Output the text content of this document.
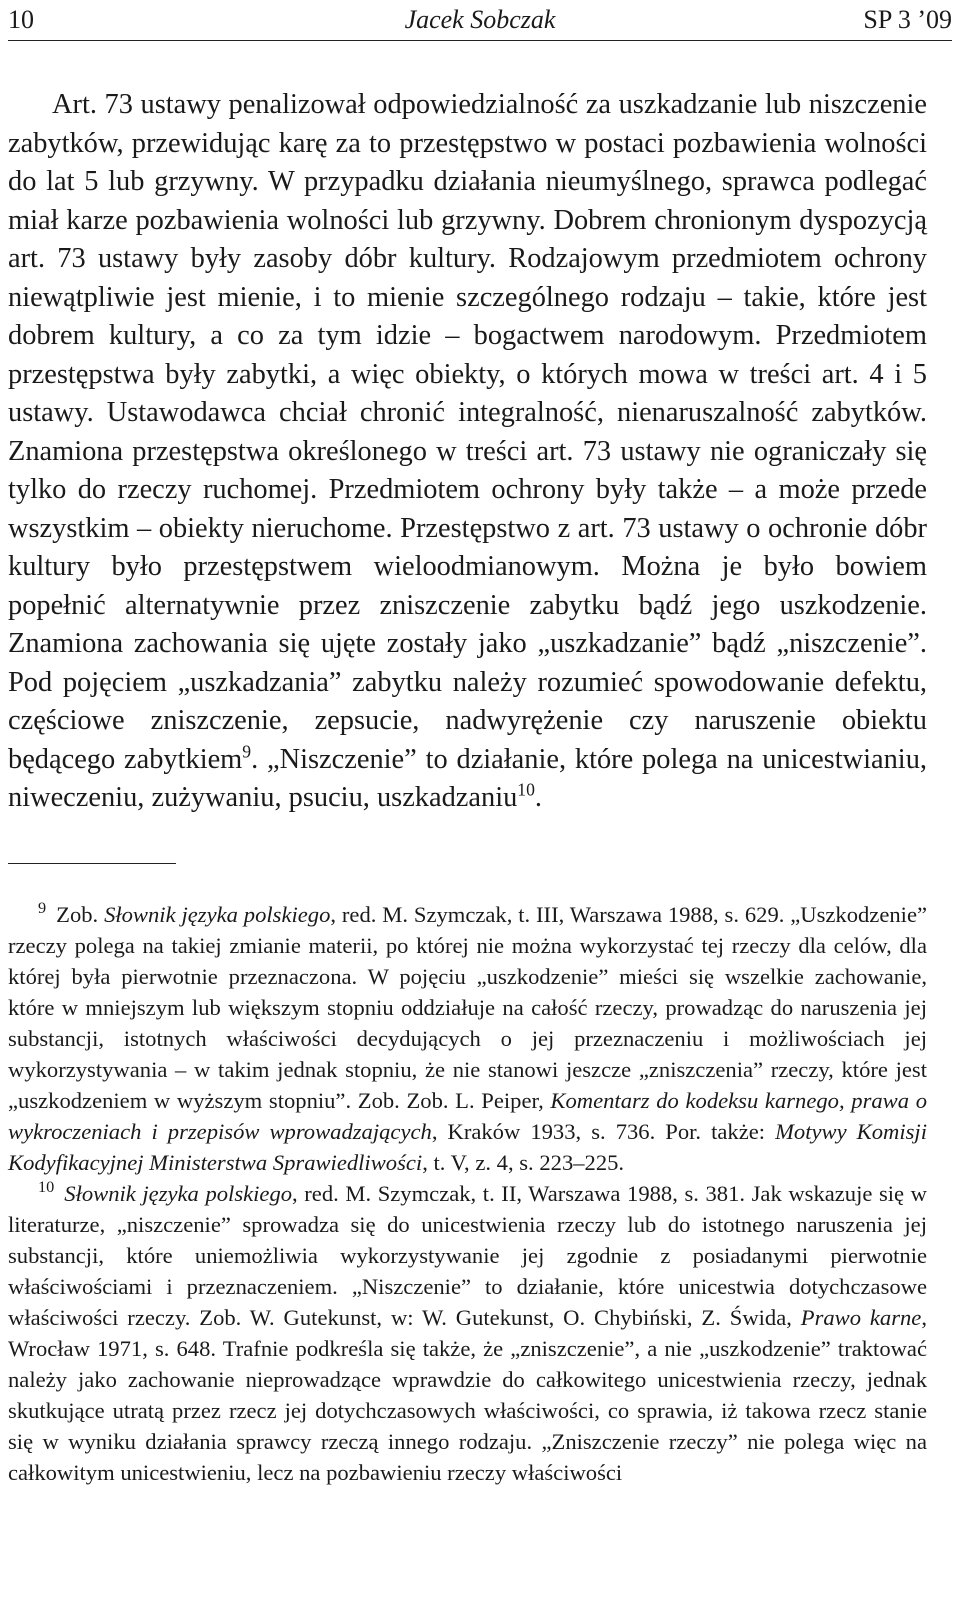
Jacek Sobczak
10	SP 3 ’09

Art. 73 ustawy penalizował odpowiedzialność za uszkadzanie lub niszczenie zabytków, przewidując karę za to przestępstwo w postaci pozbawienia wolności do lat 5 lub grzywny. W przypadku działania nieumyślnego, sprawca podlegać miał karze pozbawienia wolności lub grzywny. Dobrem chronionym dyspozycją art. 73 ustawy były zasoby dóbr kultury. Rodzajowym przedmiotem ochrony niewątpliwie jest mienie, i to mienie szczególnego rodzaju – takie, które jest dobrem kultury, a co za tym idzie – bogactwem narodowym. Przedmiotem przestępstwa były zabytki, a więc obiekty, o których mowa w treści art. 4 i 5 ustawy. Ustawodawca chciał chronić integralność, nienaruszalność zabytków. Znamiona przestępstwa określonego w treści art. 73 ustawy nie ograniczały się tylko do rzeczy ruchomej. Przedmiotem ochrony były także – a może przede wszystkim – obiekty nieruchome. Przestępstwo z art. 73 ustawy o ochronie dóbr kultury było przestępstwem wieloodmianowym. Można je było bowiem popełnić alternatywnie przez zniszczenie zabytku bądź jego uszkodzenie. Znamiona zachowania się ujęte zostały jako „uszkadzanie” bądź „niszczenie”. Pod pojęciem „uszkadzania” zabytku należy rozumieć spowodowanie defektu, częściowe zniszczenie, zepsucie, nadwyrężenie czy naruszenie obiektu będącego zabytkiem$^9$. „Niszczenie” to działanie, które polega na unicestwianiu, niweczeniu, zużywaniu, psuciu, uszkadzaniu$^{10}$.

$^9$ Zob. Słownik języka polskiego, red. M. Szymczak, t. III, Warszawa 1988, s. 629. „Uszkodzenie” rzeczy polega na takiej zmianie materii, po której nie można wykorzystać tej rzeczy dla celów, dla której była pierwotnie przeznaczona. W pojęciu „uszkodzenie” mieści się wszelkie zachowanie, które w mniejszym lub większym stopniu oddziałuje na całość rzeczy, prowadząc do naruszenia jej substancji, istotnych właściwości decydujących o jej przeznaczeniu i możliwościach jej wykorzystywania – w takim jednak stopniu, że nie stanowi jeszcze „zniszczenia” rzeczy, które jest „uszkodzeniem w wyższym stopniu”. Zob. Zob. L. Peiper, Komentarz do kodeksu karnego, prawa o wykroczeniach i przepisów wprowadzających, Kraków 1933, s. 736. Por. także: Motywy Komisji Kodyfikacyjnej Ministerstwa Sprawiedliwości, t. V, z. 4, s. 223–225.

$^{10}$ Słownik języka polskiego, red. M. Szymczak, t. II, Warszawa 1988, s. 381. Jak wskazuje się w literaturze, „niszczenie” sprowadza się do unicestwienia rzeczy lub do istotnego naruszenia jej substancji, które uniemożliwia wykorzystywanie jej zgodnie z posiadanymi pierwotnie właściwościami i przeznaczeniem. „Niszczenie” to działanie, które unicestwia dotychczasowe właściwości rzeczy. Zob. W. Gutekunst, w: W. Gutekunst, O. Chybiński, Z. Świda, Prawo karne, Wrocław 1971, s. 648. Trafnie podkreśla się także, że „zniszczenie”, a nie „uszkodzenie” traktować należy jako zachowanie nieprowadzące wprawdzie do całkowitego unicestwienia rzeczy, jednak skutkujące utratą przez rzecz jej dotychczasowych właściwości, co sprawia, iż takowa rzecz stanie się w wyniku działania sprawcy rzeczą innego rodzaju. „Zniszczenie rzeczy” nie polega więc na całkowitym unicestwieniu, lecz na pozbawieniu rzeczy właściwości
